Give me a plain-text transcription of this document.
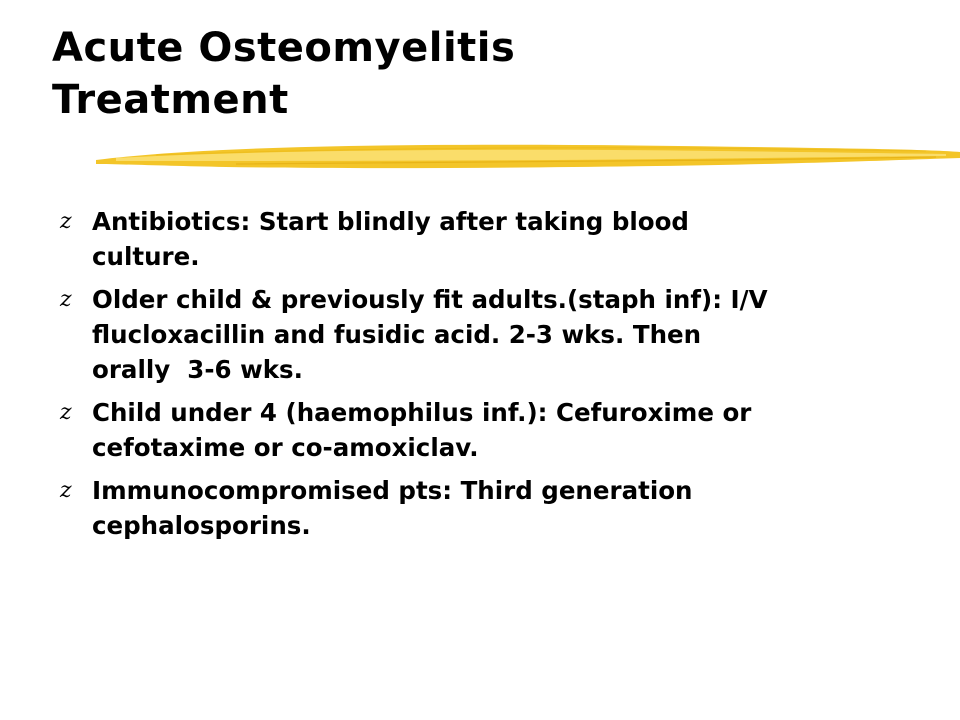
Acute Osteomyelitis
Treatment
z Antibiotics: Start blindly after taking blood
culture.
z Older child & previously fit adults.(staph inf): I/V
flucloxacillin and fusidic acid. 2-3 wks. Then
orally  3-6 wks.
z Child under 4 (haemophilus inf.): Cefuroxime or
cefotaxime or co-amoxiclav.
z Immunocompromised pts: Third generation
cephalosporins.
